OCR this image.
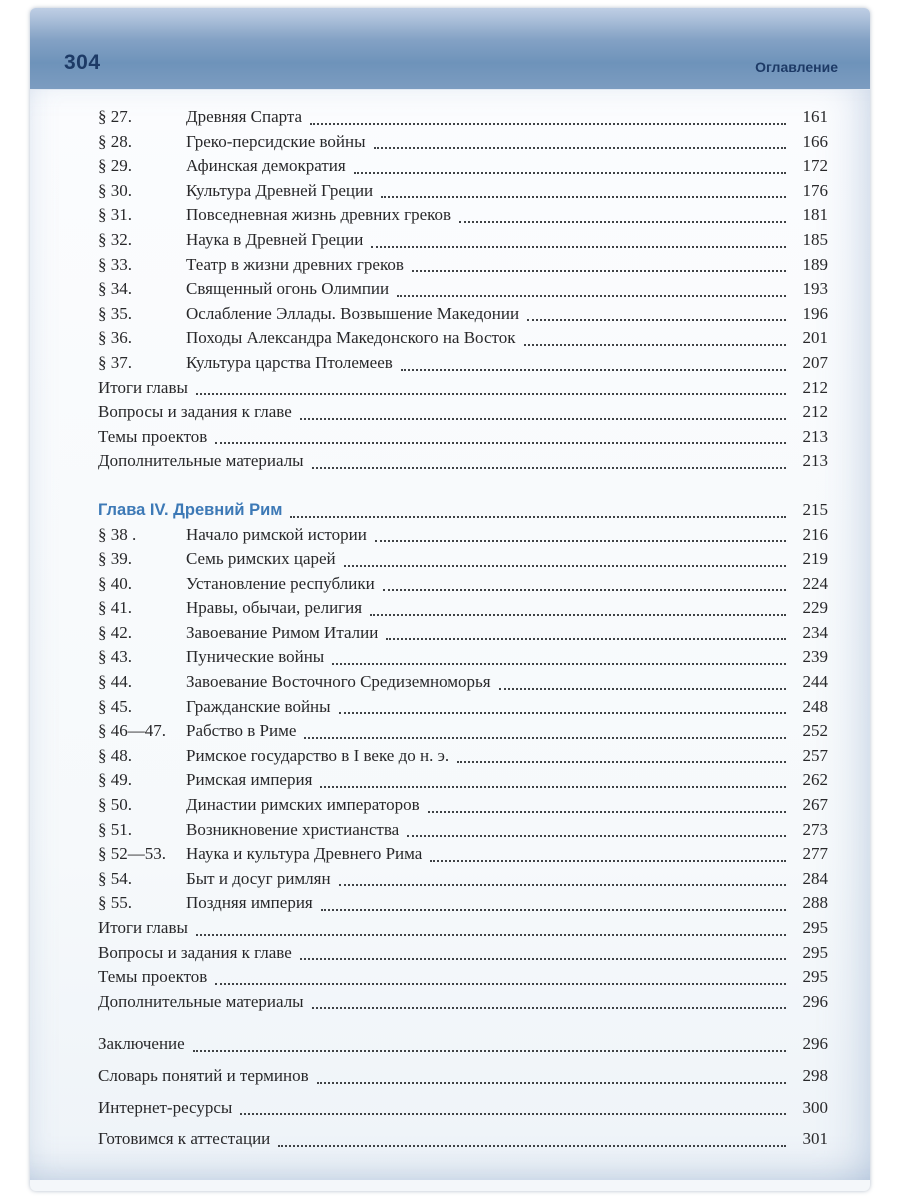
304	Оглавление
§ 27.	Древняя Спарта	161
§ 28.	Греко-персидские войны	166
§ 29.	Афинская демократия	172
§ 30.	Культура Древней Греции	176
§ 31.	Повседневная жизнь древних греков	181
§ 32.	Наука в Древней Греции	185
§ 33.	Театр в жизни древних греков	189
§ 34.	Священный огонь Олимпии	193
§ 35.	Ослабление Эллады. Возвышение Македонии	196
§ 36.	Походы Александра Македонского на Восток	201
§ 37.	Культура царства Птолемеев	207
Итоги главы	212
Вопросы и задания к главе	212
Темы проектов	213
Дополнительные материалы	213
Глава IV. Древний Рим	215
§ 38 .	Начало римской истории	216
§ 39.	Семь римских царей	219
§ 40.	Установление республики	224
§ 41.	Нравы, обычаи, религия	229
§ 42.	Завоевание Римом Италии	234
§ 43.	Пунические войны	239
§ 44.	Завоевание Восточного Средиземноморья	244
§ 45.	Гражданские войны	248
§ 46—47.	Рабство в Риме	252
§ 48.	Римское государство в I веке до н. э.	257
§ 49.	Римская империя	262
§ 50.	Династии римских императоров	267
§ 51.	Возникновение христианства	273
§ 52—53.	Наука и культура Древнего Рима	277
§ 54.	Быт и досуг римлян	284
§ 55.	Поздняя империя	288
Итоги главы	295
Вопросы и задания к главе	295
Темы проектов	295
Дополнительные материалы	296
Заключение	296
Словарь понятий и терминов	298
Интернет-ресурсы	300
Готовимся к аттестации	301
